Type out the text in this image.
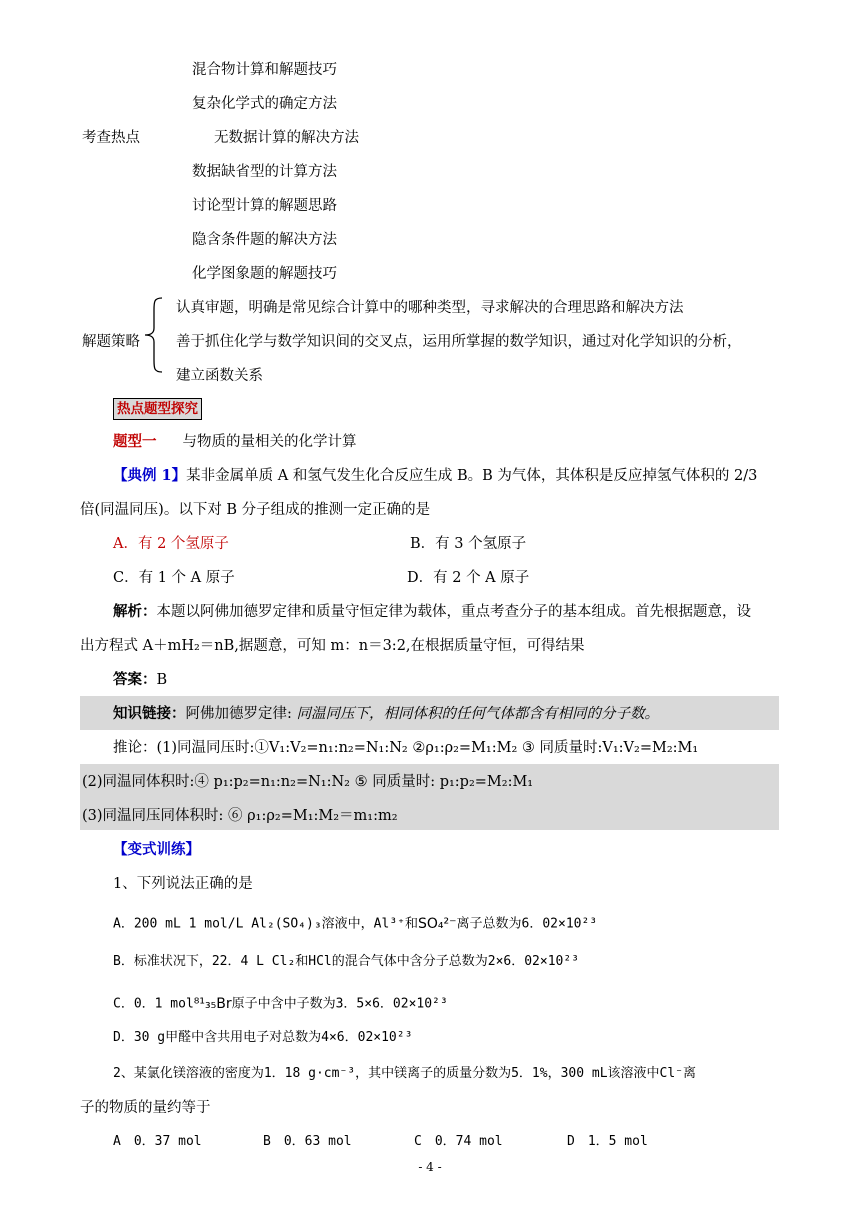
混合物计算和解题技巧
复杂化学式的确定方法
考查热点	无数据计算的解决方法
数据缺省型的计算方法
讨论型计算的解题思路
隐含条件题的解决方法
化学图象题的解题技巧
认真审题，明确是常见综合计算中的哪种类型，寻求解决的合理思路和解决方法
解题策略 善于抓住化学与数学知识间的交叉点，运用所掌握的数学知识，通过对化学知识的分析，
建立函数关系
热点题型探究
题型一 与物质的量相关的化学计算
【典例 1】某非金属单质 A 和氢气发生化合反应生成 B。B 为气体，其体积是反应掉氢气体积的 2/3
倍(同温同压)。以下对 B 分子组成的推测一定正确的是
A．有 2 个氢原子	B．有 3 个氢原子
C．有 1 个 A 原子	D．有 2 个 A 原子
解析：本题以阿佛加德罗定律和质量守恒定律为载体，重点考查分子的基本组成。首先根据题意，设
出方程式 A＋mH₂＝nB,据题意，可知 m：n＝3:2,在根据质量守恒，可得结果
答案：B
知识链接：阿佛加德罗定律: 同温同压下，相同体积的任何气体都含有相同的分子数。
推论：(1)同温同压时:①V₁:V₂=n₁:n₂=N₁:N₂ ②ρ₁:ρ₂=M₁:M₂ ③ 同质量时:V₁:V₂=M₂:M₁
(2)同温同体积时:④ p₁:p₂=n₁:n₂=N₁:N₂ ⑤ 同质量时: p₁:p₂=M₂:M₁
(3)同温同压同体积时: ⑥ ρ₁:ρ₂=M₁:M₂＝m₁:m₂
【变式训练】
1、下列说法正确的是
A．200 mL 1 mol/L Al₂(SO₄)₃溶液中，Al³⁺和SO₄²⁻离子总数为6．02×10²³
B．标准状况下，22．4 L Cl₂和HCl的混合气体中含分子总数为2×6．02×10²³
C．0．1 mol⁸¹₃₅Br原子中含中子数为3．5×6．02×10²³
D．30 g甲醛中含共用电子对总数为4×6．02×10²³
2、某氯化镁溶液的密度为1．18 g·cm⁻³，其中镁离子的质量分数为5．1%，300 mL该溶液中Cl⁻离
子的物质的量约等于
A　0．37 mol	B　0．63 mol	C　0．74 mol	D　1．5 mol
- 4 -
